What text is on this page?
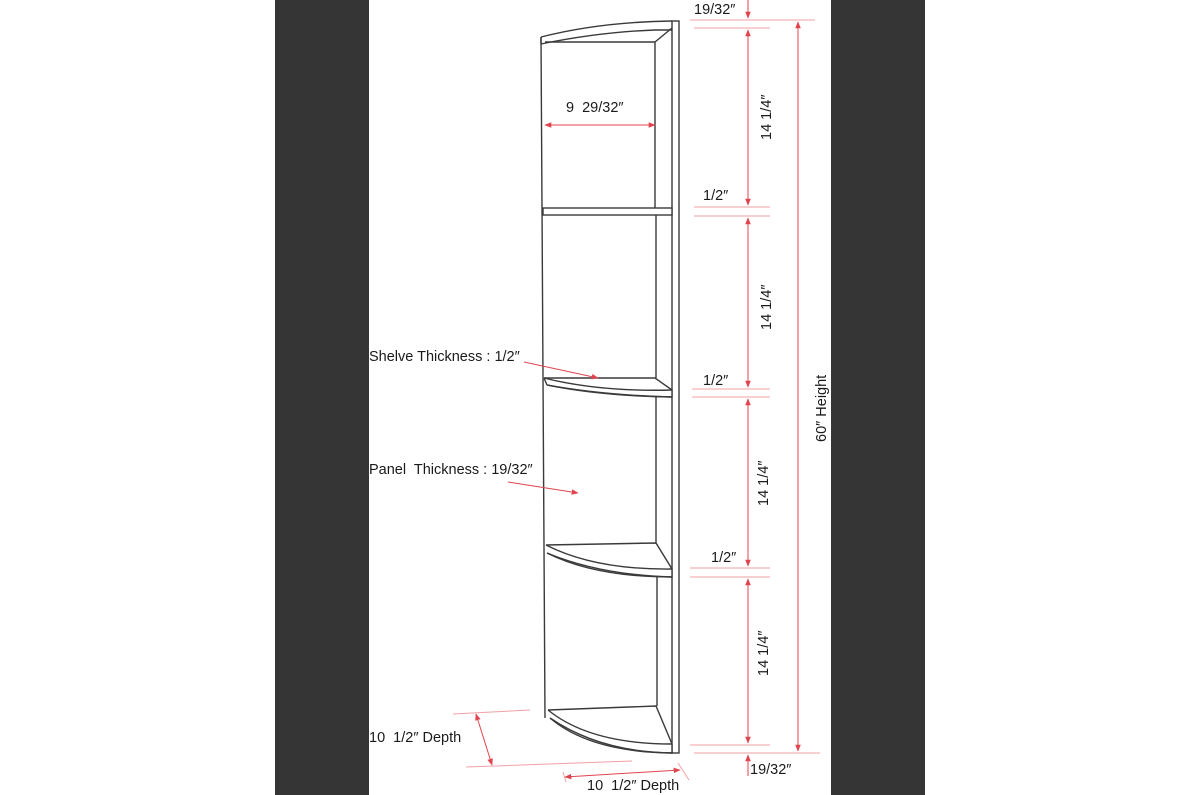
19/32″
9  29/32″	14 1/4″
1/2″
14 1/4″
1/2″
14 1/4″
1/2″
14 1/4″
19/32″
60″ Height
Shelve Thickness : 1/2″
Panel  Thickness : 19/32″
10  1/2″ Depth
10  1/2″ Depth
